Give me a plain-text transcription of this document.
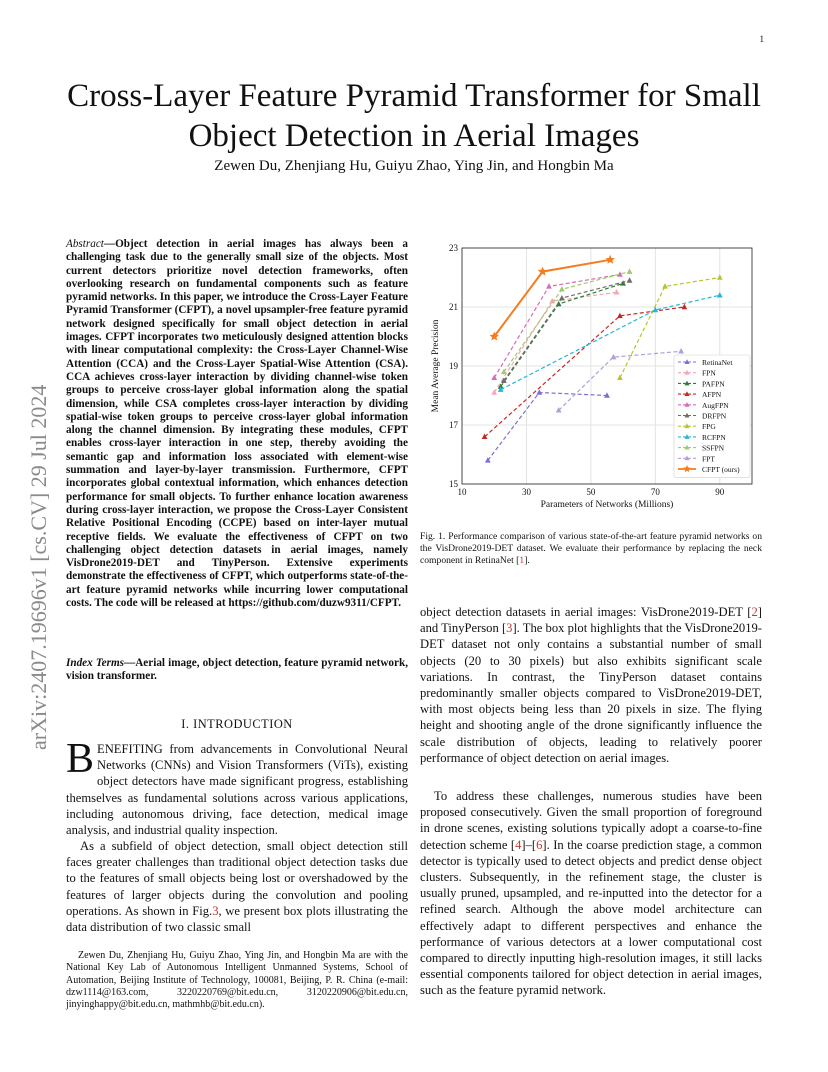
1
arXiv:2407.19696v1 [cs.CV] 29 Jul 2024
Cross-Layer Feature Pyramid Transformer for Small Object Detection in Aerial Images
Zewen Du, Zhenjiang Hu, Guiyu Zhao, Ying Jin, and Hongbin Ma
Abstract—Object detection in aerial images has always been a challenging task due to the generally small size of the objects. Most current detectors prioritize novel detection frameworks, often overlooking research on fundamental components such as feature pyramid networks. In this paper, we introduce the Cross-Layer Feature Pyramid Transformer (CFPT), a novel upsampler-free feature pyramid network designed specifically for small object detection in aerial images. CFPT incorporates two meticulously designed attention blocks with linear computational complexity: the Cross-Layer Channel-Wise Attention (CCA) and the Cross-Layer Spatial-Wise Attention (CSA). CCA achieves cross-layer interaction by dividing channel-wise token groups to perceive cross-layer global information along the spatial dimension, while CSA completes cross-layer interaction by dividing spatial-wise token groups to perceive cross-layer global information along the channel dimension. By integrating these modules, CFPT enables cross-layer interaction in one step, thereby avoiding the semantic gap and information loss associated with element-wise summation and layer-by-layer transmission. Furthermore, CFPT incorporates global contextual information, which enhances detection performance for small objects. To further enhance location awareness during cross-layer interaction, we propose the Cross-Layer Consistent Relative Positional Encoding (CCPE) based on inter-layer mutual receptive fields. We evaluate the effectiveness of CFPT on two challenging object detection datasets in aerial images, namely VisDrone2019-DET and TinyPerson. Extensive experiments demonstrate the effectiveness of CFPT, which outperforms state-of-the-art feature pyramid networks while incurring lower computational costs. The code will be released at https://github.com/duzw9311/CFPT.
Index Terms—Aerial image, object detection, feature pyramid network, vision transformer.
I. INTRODUCTION
BENEFITING from advancements in Convolutional Neural Networks (CNNs) and Vision Transformers (ViTs), existing object detectors have made significant progress, establishing themselves as fundamental solutions across various applications, including autonomous driving, face detection, medical image analysis, and industrial quality inspection.
As a subfield of object detection, small object detection still faces greater challenges than traditional object detection tasks due to the features of small objects being lost or overshadowed by the features of larger objects during the convolution and pooling operations. As shown in Fig.3, we present box plots illustrating the data distribution of two classic small
Zewen Du, Zhenjiang Hu, Guiyu Zhao, Ying Jin, and Hongbin Ma are with the National Key Lab of Autonomous Intelligent Unmanned Systems, School of Automation, Beijing Institute of Technology, 100081, Beijing, P. R. China (e-mail: dzw1114@163.com, 3220220769@bit.edu.cn, 3120220906@bit.edu.cn, jinyinghappy@bit.edu.cn, mathmhb@bit.edu.cn).
10	30	50	70	90
15
17
19
21
23
Parameters of Networks (Millions)
Mean Average Precision	RetinaNet
FPN
PAFPN
AFPN
AugFPN
DRFPN
FPG
RCFPN
SSFPN
FPT
CFPT (ours)
Fig. 1. Performance comparison of various state-of-the-art feature pyramid networks on the VisDrone2019-DET dataset. We evaluate their performance by replacing the neck component in RetinaNet [1].
object detection datasets in aerial images: VisDrone2019-DET [2] and TinyPerson [3]. The box plot highlights that the VisDrone2019-DET dataset not only contains a substantial number of small objects (20 to 30 pixels) but also exhibits significant scale variations. In contrast, the TinyPerson dataset contains predominantly smaller objects compared to VisDrone2019-DET, with most objects being less than 20 pixels in size. The flying height and shooting angle of the drone significantly influence the scale distribution of objects, leading to relatively poorer performance of object detection on aerial images.
To address these challenges, numerous studies have been proposed consecutively. Given the small proportion of foreground in drone scenes, existing solutions typically adopt a coarse-to-fine detection scheme [4]–[6]. In the coarse prediction stage, a common detector is typically used to detect objects and predict dense object clusters. Subsequently, in the refinement stage, the cluster is usually pruned, upsampled, and re-inputted into the detector for a refined search. Although the above model architecture can effectively adapt to different perspectives and enhance the performance of various detectors at a lower computational cost compared to directly inputting high-resolution images, it still lacks essential components tailored for object detection in aerial images, such as the feature pyramid network.
